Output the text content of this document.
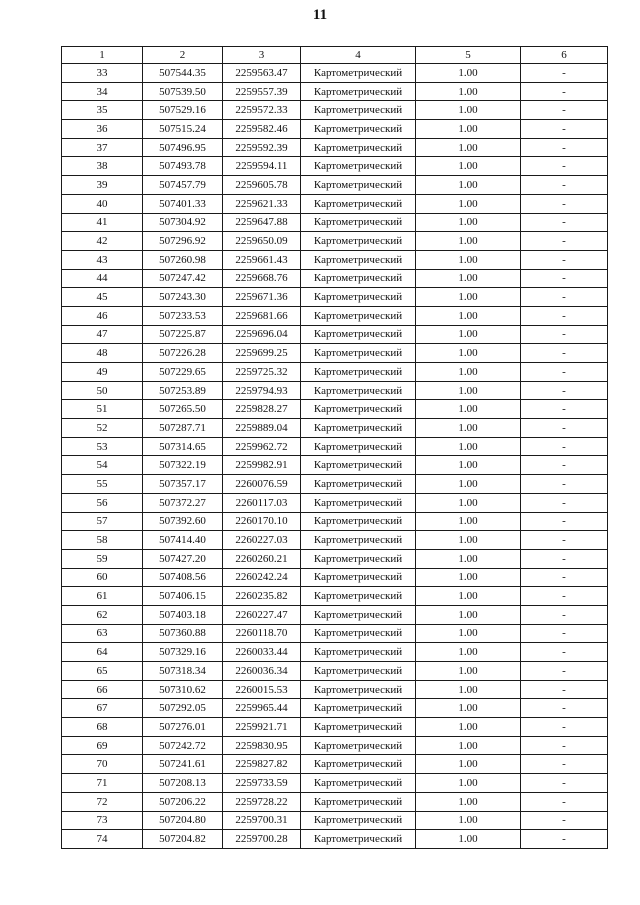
11
1	2	3	4	5	6
33	507544.35	2259563.47	Картометрический	1.00	-
34	507539.50	2259557.39	Картометрический	1.00	-
35	507529.16	2259572.33	Картометрический	1.00	-
36	507515.24	2259582.46	Картометрический	1.00	-
37	507496.95	2259592.39	Картометрический	1.00	-
38	507493.78	2259594.11	Картометрический	1.00	-
39	507457.79	2259605.78	Картометрический	1.00	-
40	507401.33	2259621.33	Картометрический	1.00	-
41	507304.92	2259647.88	Картометрический	1.00	-
42	507296.92	2259650.09	Картометрический	1.00	-
43	507260.98	2259661.43	Картометрический	1.00	-
44	507247.42	2259668.76	Картометрический	1.00	-
45	507243.30	2259671.36	Картометрический	1.00	-
46	507233.53	2259681.66	Картометрический	1.00	-
47	507225.87	2259696.04	Картометрический	1.00	-
48	507226.28	2259699.25	Картометрический	1.00	-
49	507229.65	2259725.32	Картометрический	1.00	-
50	507253.89	2259794.93	Картометрический	1.00	-
51	507265.50	2259828.27	Картометрический	1.00	-
52	507287.71	2259889.04	Картометрический	1.00	-
53	507314.65	2259962.72	Картометрический	1.00	-
54	507322.19	2259982.91	Картометрический	1.00	-
55	507357.17	2260076.59	Картометрический	1.00	-
56	507372.27	2260117.03	Картометрический	1.00	-
57	507392.60	2260170.10	Картометрический	1.00	-
58	507414.40	2260227.03	Картометрический	1.00	-
59	507427.20	2260260.21	Картометрический	1.00	-
60	507408.56	2260242.24	Картометрический	1.00	-
61	507406.15	2260235.82	Картометрический	1.00	-
62	507403.18	2260227.47	Картометрический	1.00	-
63	507360.88	2260118.70	Картометрический	1.00	-
64	507329.16	2260033.44	Картометрический	1.00	-
65	507318.34	2260036.34	Картометрический	1.00	-
66	507310.62	2260015.53	Картометрический	1.00	-
67	507292.05	2259965.44	Картометрический	1.00	-
68	507276.01	2259921.71	Картометрический	1.00	-
69	507242.72	2259830.95	Картометрический	1.00	-
70	507241.61	2259827.82	Картометрический	1.00	-
71	507208.13	2259733.59	Картометрический	1.00	-
72	507206.22	2259728.22	Картометрический	1.00	-
73	507204.80	2259700.31	Картометрический	1.00	-
74	507204.82	2259700.28	Картометрический	1.00	-
